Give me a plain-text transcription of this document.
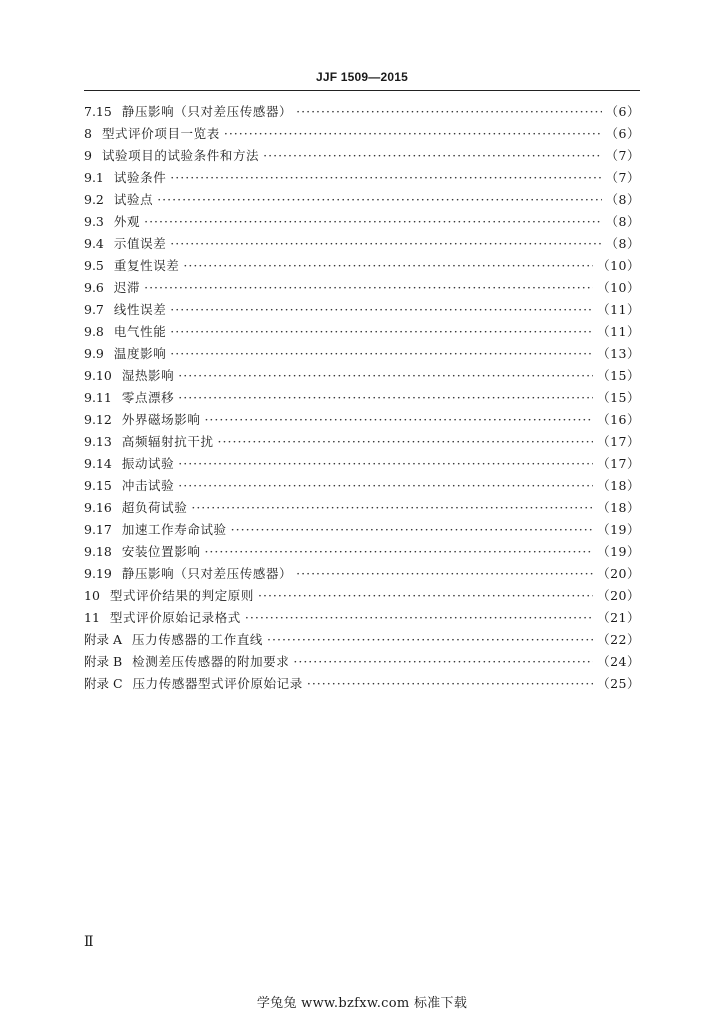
JJF 1509—2015
7.15 静压影响（只对差压传感器） ·····	（6）
8 型式评价项目一览表 ·····	（6）
9 试验项目的试验条件和方法 ·····	（7）
9.1 试验条件 ·····	（7）
9.2 试验点 ·····	（8）
9.3 外观 ·····	（8）
9.4 示值误差 ·····	（8）
9.5 重复性误差 ·····	（10）
9.6 迟滞 ·····	（10）
9.7 线性误差 ·····	（11）
9.8 电气性能 ·····	（11）
9.9 温度影响 ·····	（13）
9.10 湿热影响 ·····	（15）
9.11 零点漂移 ·····	（15）
9.12 外界磁场影响 ·····	（16）
9.13 高频辐射抗干扰 ·····	（17）
9.14 振动试验 ·····	（17）
9.15 冲击试验 ·····	（18）
9.16 超负荷试验 ·····	（18）
9.17 加速工作寿命试验 ·····	（19）
9.18 安装位置影响 ·····	（19）
9.19 静压影响（只对差压传感器） ·····	（20）
10 型式评价结果的判定原则 ·····	（20）
11 型式评价原始记录格式 ·····	（21）
附录 A 压力传感器的工作直线 ·····	（22）
附录 B 检测差压传感器的附加要求 ·····	（24）
附录 C 压力传感器型式评价原始记录 ·····	（25）
Ⅱ
学兔兔 www.bzfxw.com 标准下载
